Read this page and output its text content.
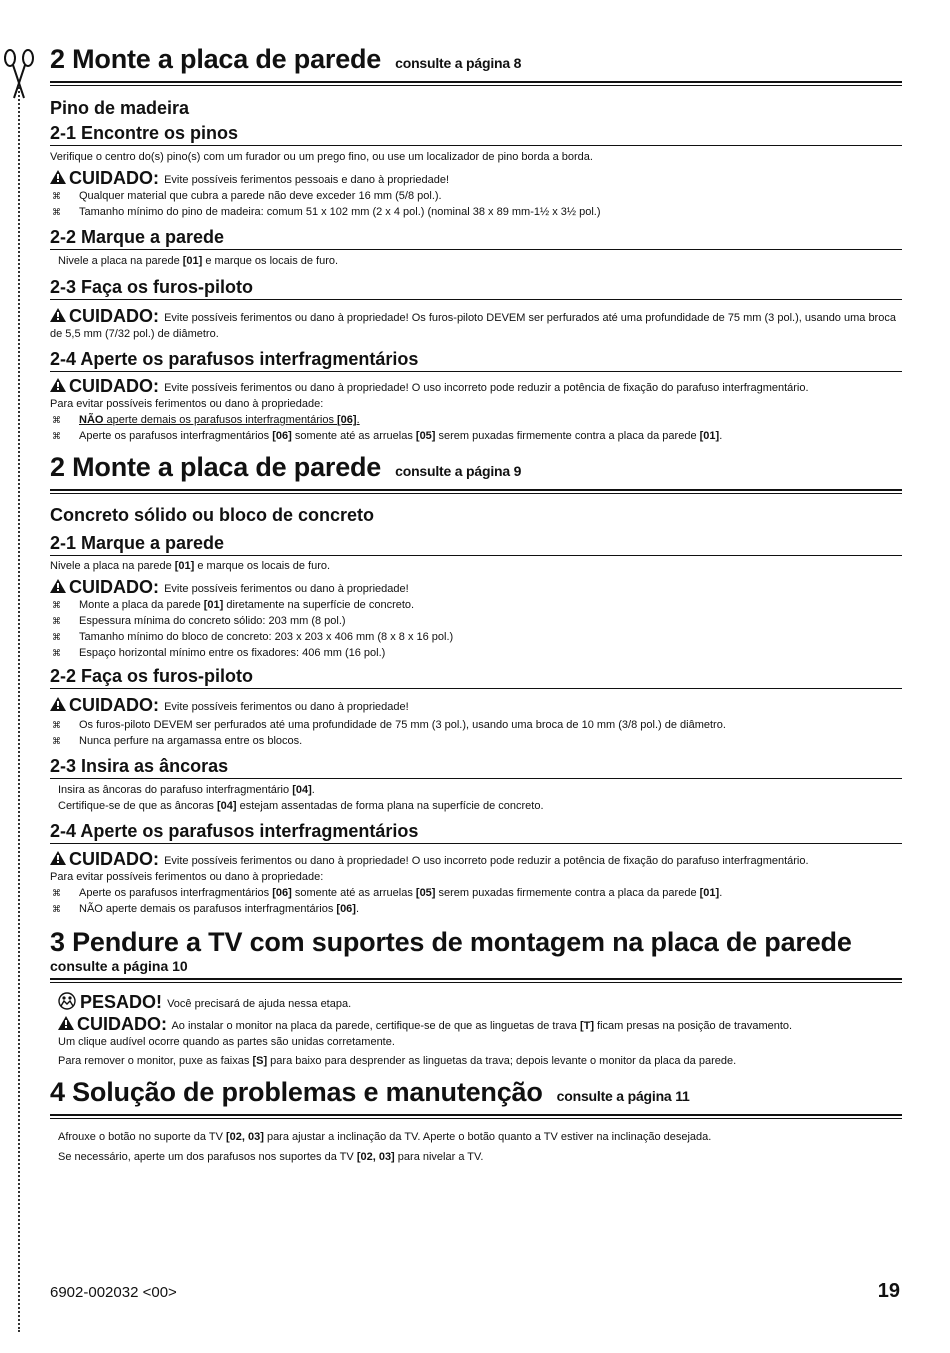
2 Monte a placa de parede consulte a página 8
Pino de madeira
2-1 Encontre os pinos

Verifique o centro do(s) pino(s) com um furador ou um prego fino, ou use um localizador de pino borda a borda.

CUIDADO: Evite possíveis ferimentos pessoais e dano à propriedade!
⌘ Qualquer material que cubra a parede não deve exceder 16 mm (5/8 pol.).
⌘ Tamanho mínimo do pino de madeira: comum 51 x 102 mm (2 x 4 pol.) (nominal 38 x 89 mm-1½ x 3½ pol.)
2-2 Marque a parede

Nivele a placa na parede [01] e marque os locais de furo.

2-3 Faça os furos-piloto
CUIDADO: Evite possíveis ferimentos ou dano à propriedade! Os furos-piloto DEVEM ser perfurados até uma profundidade de 75 mm (3 pol.), usando uma broca de 5,5 mm (7/32 pol.) de diâmetro.
2-4 Aperte os parafusos interfragmentários
CUIDADO: Evite possíveis ferimentos ou dano à propriedade! O uso incorreto pode reduzir a potência de fixação do parafuso interfragmentário.

Para evitar possíveis ferimentos ou dano à propriedade:

⌘ NÃO aperte demais os parafusos interfragmentários [06].
⌘ Aperte os parafusos interfragmentários [06] somente até as arruelas [05] serem puxadas firmemente contra a placa da parede [01].
2 Monte a placa de parede consulte a página 9
Concreto sólido ou bloco de concreto
2-1 Marque a parede

Nivele a placa na parede [01] e marque os locais de furo.

CUIDADO: Evite possíveis ferimentos ou dano à propriedade!
⌘ Monte a placa da parede [01] diretamente na superfície de concreto.
⌘ Espessura mínima do concreto sólido: 203 mm (8 pol.)
⌘ Tamanho mínimo do bloco de concreto: 203 x 203 x 406 mm (8 x 8 x 16 pol.)
⌘ Espaço horizontal mínimo entre os fixadores: 406 mm (16 pol.)
2-2 Faça os furos-piloto
CUIDADO: Evite possíveis ferimentos ou dano à propriedade!
⌘ Os furos-piloto DEVEM ser perfurados até uma profundidade de 75 mm (3 pol.), usando uma broca de 10 mm (3/8 pol.) de diâmetro.
⌘ Nunca perfure na argamassa entre os blocos.
2-3 Insira as âncoras

Insira as âncoras do parafuso interfragmentário [04].

Certifique-se de que as âncoras [04] estejam assentadas de forma plana na superfície de concreto.

2-4 Aperte os parafusos interfragmentários
CUIDADO: Evite possíveis ferimentos ou dano à propriedade! O uso incorreto pode reduzir a potência de fixação do parafuso interfragmentário.

Para evitar possíveis ferimentos ou dano à propriedade:

⌘ Aperte os parafusos interfragmentários [06] somente até as arruelas [05] serem puxadas firmemente contra a placa da parede [01].
⌘ NÃO aperte demais os parafusos interfragmentários [06].
3 Pendure a TV com suportes de montagem na placa de parede
consulte a página 10
PESADO! Você precisará de ajuda nessa etapa.
CUIDADO: Ao instalar o monitor na placa da parede, certifique-se de que as linguetas de trava [T] ficam presas na posição de travamento.

Um clique audível ocorre quando as partes são unidas corretamente.

Para remover o monitor, puxe as faixas [S] para baixo para desprender as linguetas da trava; depois levante o monitor da placa da parede.

4 Solução de problemas e manutenção consulte a página 11

Afrouxe o botão no suporte da TV [02, 03] para ajustar a inclinação da TV. Aperte o botão quanto a TV estiver na inclinação desejada.

Se necessário, aperte um dos parafusos nos suportes da TV [02, 03] para nivelar a TV.

6902-002032 <00>	19
